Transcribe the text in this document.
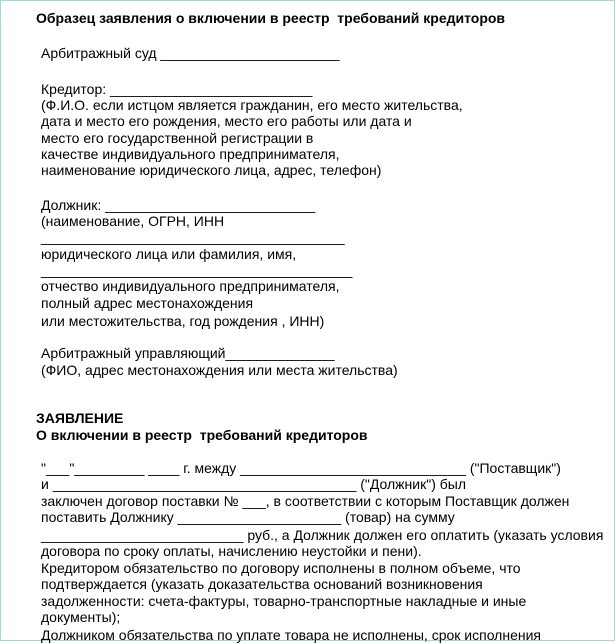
Образец заявления о включении в реестр  требований кредиторов
Арбитражный суд _______________________
Кредитор: __________________________
(Ф.И.О. если истцом является гражданин, его место жительства,
дата и место его рождения, место его работы или дата и
место его государственной регистрации в
качестве индивидуального предпринимателя,
наименование юридического лица, адрес, телефон)
Должник: ___________________________
(наименование, ОГРН, ИНН
_______________________________________
юридического лица или фамилия, имя,
________________________________________
отчество индивидуального предпринимателя,
полный адрес местонахождения
или местожительства, год рождения , ИНН)
Арбитражный управляющий______________
(ФИО, адрес местонахождения или места жительства)
ЗАЯВЛЕНИЕ
О включении в реестр  требований кредиторов
"___"_________ ____ г. между _____________________________ ("Поставщик")
и _______________________________________ ("Должник") был
заключен договор поставки № ___, в соответствии с которым Поставщик должен
поставить Должнику _____________________ (товар) на сумму
__________________________ руб., а Должник должен его оплатить (указать условия
договора по сроку оплаты, начислению неустойки и пени).
Кредитором обязательство по договору исполнены в полном объеме, что
подтверждается (указать доказательства оснований возникновения
задолженности: счета-фактуры, товарно-транспортные накладные и иные
документы);
Должником обязательства по уплате товара не исполнены, срок исполнения
